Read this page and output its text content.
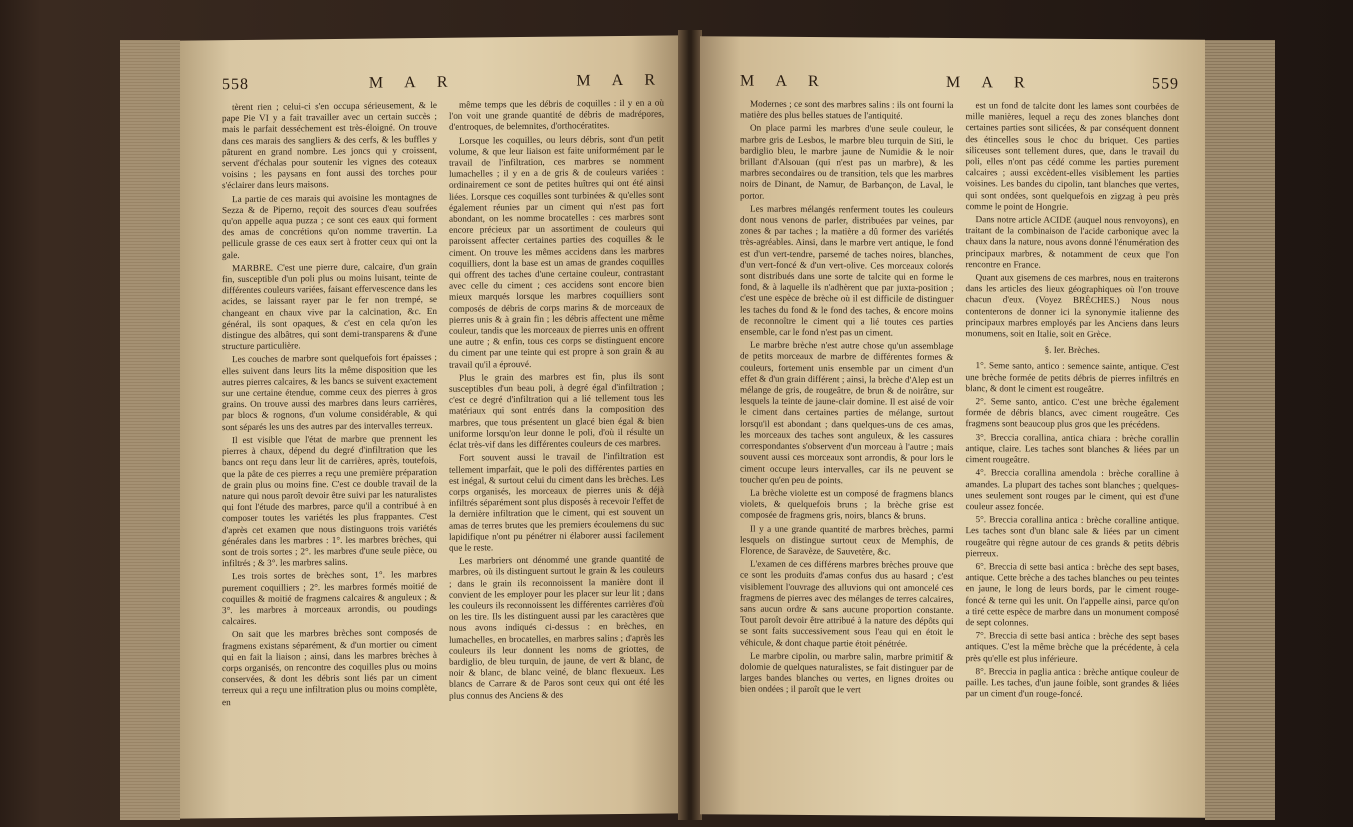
558	M A R	M A R

tèrent rien ; celui-ci s'en occupa sérieusement, & le pape Pie VI y a fait travailler avec un certain succès ; mais le parfait desséchement est très-éloigné. On trouve dans ces marais des sangliers & des cerfs, & les buffles y pâturent en grand nombre. Les joncs qui y croissent, servent d'échalas pour soutenir les vignes des coteaux voisins ; les paysans en font aussi des torches pour s'éclairer dans leurs maisons.

La partie de ces marais qui avoisine les montagnes de Sezza & de Piperno, reçoit des sources d'eau soufrées qu'on appelle aqua puzza ; ce sont ces eaux qui forment des amas de concrétions qu'on nomme travertin. La pellicule grasse de ces eaux sert à frotter ceux qui ont la gale.

MARBRE. C'est une pierre dure, calcaire, d'un grain fin, susceptible d'un poli plus ou moins luisant, teinte de différentes couleurs variées, faisant effervescence dans les acides, se laissant rayer par le fer non trempé, se changeant en chaux vive par la calcination, &c. En général, ils sont opaques, & c'est en cela qu'on les distingue des albâtres, qui sont demi-transparens & d'une structure particulière.

Les couches de marbre sont quelquefois fort épaisses ; elles suivent dans leurs lits la même disposition que les autres pierres calcaires, & les bancs se suivent exactement sur une certaine étendue, comme ceux des pierres à gros grains. On trouve aussi des marbres dans leurs carrières, par blocs & rognons, d'un volume considérable, & qui sont séparés les uns des autres par des intervalles terreux.

Il est visible que l'état de marbre que prennent les pierres à chaux, dépend du degré d'infiltration que les bancs ont reçu dans leur lit de carrières, après, toutefois, que la pâte de ces pierres a reçu une première préparation de grain plus ou moins fine. C'est ce double travail de la nature qui nous paroît devoir être suivi par les naturalistes qui font l'étude des marbres, parce qu'il a contribué à en composer toutes les variétés les plus frappantes. C'est d'après cet examen que nous distinguons trois variétés générales dans les marbres : 1°. les marbres brèches, qui sont de trois sortes ; 2°. les marbres d'une seule pièce, ou infiltrés ; & 3°. les marbres salins.

Les trois sortes de brèches sont, 1°. les marbres purement coquilliers ; 2°. les marbres formés moitié de coquilles & moitié de fragmens calcaires & anguleux ; & 3°. les marbres à morceaux arrondis, ou poudings calcaires.

On sait que les marbres brèches sont composés de fragmens existans séparément, & d'un mortier ou ciment qui en fait la liaison ; ainsi, dans les marbres brèches à corps organisés, on rencontre des coquilles plus ou moins conservées, & dont les débris sont liés par un ciment terreux qui a reçu une infiltration plus ou moins complète, en

même temps que les débris de coquilles : il y en a où l'on voit une grande quantité de débris de madrépores, d'entroques, de belemnites, d'orthocératites.

Lorsque les coquilles, ou leurs débris, sont d'un petit volume, & que leur liaison est faite uniformément par le travail de l'infiltration, ces marbres se nomment lumachelles ; il y en a de gris & de couleurs variées : ordinairement ce sont de petites huîtres qui ont été ainsi liées. Lorsque ces coquilles sont turbinées & qu'elles sont également réunies par un ciment qui n'est pas fort abondant, on les nomme brocatelles : ces marbres sont encore précieux par un assortiment de couleurs qui paroissent affecter certaines parties des coquilles & le ciment. On trouve les mêmes accidens dans les marbres coquilliers, dont la base est un amas de grandes coquilles qui offrent des taches d'une certaine couleur, contrastant avec celle du ciment ; ces accidens sont encore bien mieux marqués lorsque les marbres coquilliers sont composés de débris de corps marins & de morceaux de pierres unis & à grain fin ; les débris affectent une même couleur, tandis que les morceaux de pierres unis en offrent une autre ; & enfin, tous ces corps se distinguent encore du ciment par une teinte qui est propre à son grain & au travail qu'il a éprouvé.

Plus le grain des marbres est fin, plus ils sont susceptibles d'un beau poli, à degré égal d'infiltration ; c'est ce degré d'infiltration qui a lié tellement tous les matériaux qui sont entrés dans la composition des marbres, que tous présentent un glacé bien égal & bien uniforme lorsqu'on leur donne le poli, d'où il résulte un éclat très-vif dans les différentes couleurs de ces marbres.

Fort souvent aussi le travail de l'infiltration est tellement imparfait, que le poli des différentes parties en est inégal, & surtout celui du ciment dans les brèches. Les corps organisés, les morceaux de pierres unis & déjà infiltrés séparément sont plus disposés à recevoir l'effet de la dernière infiltration que le ciment, qui est souvent un amas de terres brutes que les premiers écoulemens du suc lapidifique n'ont pu pénétrer ni élaborer aussi facilement que le reste.

Les marbriers ont dénommé une grande quantité de marbres, où ils distinguent surtout le grain & les couleurs ; dans le grain ils reconnoissent la manière dont il convient de les employer pour les placer sur leur lit ; dans les couleurs ils reconnoissent les différentes carrières d'où on les tire. Ils les distinguent aussi par les caractères que nous avons indiqués ci-dessus : en brèches, en lumachelles, en brocatelles, en marbres salins ; d'après les couleurs ils leur donnent les noms de griottes, de bardiglio, de bleu turquin, de jaune, de vert & blanc, de noir & blanc, de blanc veiné, de blanc flexueux. Les blancs de Carrare & de Paros sont ceux qui ont été les plus connus des Anciens & des

M A R	M A R	559

Modernes ; ce sont des marbres salins : ils ont fourni la matière des plus belles statues de l'antiquité.

On place parmi les marbres d'une seule couleur, le marbre gris de Lesbos, le marbre bleu turquin de Siti, le bardiglio bleu, le marbre jaune de Numidie & le noir brillant d'Alsouan (qui n'est pas un marbre), & les marbres secondaires ou de transition, tels que les marbres noirs de Dinant, de Namur, de Barbançon, de Laval, le portor.

Les marbres mélangés renferment toutes les couleurs dont nous venons de parler, distribuées par veines, par zones & par taches ; la matière a dû former des variétés très-agréables. Ainsi, dans le marbre vert antique, le fond est d'un vert-tendre, parsemé de taches noires, blanches, d'un vert-foncé & d'un vert-olive. Ces morceaux colorés sont distribués dans une sorte de talcite qui en forme le fond, & à laquelle ils n'adhèrent que par juxta-position ; c'est une espèce de brèche où il est difficile de distinguer les taches du fond & le fond des taches, & encore moins de reconnoître le ciment qui a lié toutes ces parties ensemble, car le fond n'est pas un ciment.

Le marbre brèche n'est autre chose qu'un assemblage de petits morceaux de marbre de différentes formes & couleurs, fortement unis ensemble par un ciment d'un effet & d'un grain différent ; ainsi, la brèche d'Alep est un mélange de gris, de rougeâtre, de brun & de noirâtre, sur lesquels la teinte de jaune-clair domine. Il est aisé de voir le ciment dans certaines parties de mélange, surtout lorsqu'il est abondant ; dans quelques-uns de ces amas, les morceaux des taches sont anguleux, & les cassures correspondantes s'observent d'un morceau à l'autre ; mais souvent aussi ces morceaux sont arrondis, & pour lors le ciment occupe leurs intervalles, car ils ne peuvent se toucher qu'en peu de points.

La brèche violette est un composé de fragmens blancs violets, & quelquefois bruns ; la brèche grise est composée de fragmens gris, noirs, blancs & bruns.

Il y a une grande quantité de marbres brèches, parmi lesquels on distingue surtout ceux de Memphis, de Florence, de Saravèze, de Sauvetère, &c.

L'examen de ces différens marbres brèches prouve que ce sont les produits d'amas confus dus au hasard ; c'est visiblement l'ouvrage des alluvions qui ont amoncelé ces fragmens de pierres avec des mélanges de terres calcaires, sans aucun ordre & sans aucune proportion constante. Tout paroît devoir être attribué à la nature des dépôts qui se sont faits successivement sous l'eau qui en étoit le véhicule, & dont chaque partie étoit pénétrée.

Le marbre cipolin, ou marbre salin, marbre primitif & dolomie de quelques naturalistes, se fait distinguer par de larges bandes blanches ou vertes, en lignes droites ou bien ondées ; il paroît que le vert

est un fond de talcite dont les lames sont courbées de mille manières, lequel a reçu des zones blanches dont certaines parties sont silicées, & par conséquent donnent des étincelles sous le choc du briquet. Ces parties siliceuses sont tellement dures, que, dans le travail du poli, elles n'ont pas cédé comme les parties purement calcaires ; aussi excèdent-elles visiblement les parties voisines. Les bandes du cipolin, tant blanches que vertes, qui sont ondées, sont quelquefois en zigzag à peu près comme le point de Hongrie.

Dans notre article ACIDE (auquel nous renvoyons), en traitant de la combinaison de l'acide carbonique avec la chaux dans la nature, nous avons donné l'énumération des principaux marbres, & notamment de ceux que l'on rencontre en France.

Quant aux gisemens de ces marbres, nous en traiterons dans les articles des lieux géographiques où l'on trouve chacun d'eux. (Voyez BRÈCHES.) Nous nous contenterons de donner ici la synonymie italienne des principaux marbres employés par les Anciens dans leurs monumens, soit en Italie, soit en Grèce.

§. Ier. Brèches.

1°. Seme santo, antico : semence sainte, antique. C'est une brèche formée de petits débris de pierres infiltrés en blanc, & dont le ciment est rougeâtre.

2°. Seme santo, antico. C'est une brèche également formée de débris blancs, avec ciment rougeâtre. Ces fragmens sont beaucoup plus gros que les précédens.

3°. Breccia corallina, antica chiara : brèche corallin antique, claire. Les taches sont blanches & liées par un ciment rougeâtre.

4°. Breccia corallina amendola : brèche coralline à amandes. La plupart des taches sont blanches ; quelques-unes seulement sont rouges par le ciment, qui est d'une couleur assez foncée.

5°. Breccia corallina antica : brèche coralline antique. Les taches sont d'un blanc sale & liées par un ciment rougeâtre qui règne autour de ces grands & petits débris pierreux.

6°. Breccia di sette basi antica : brèche des sept bases, antique. Cette brèche a des taches blanches ou peu teintes en jaune, le long de leurs bords, par le ciment rouge-foncé & terne qui les unit. On l'appelle ainsi, parce qu'on a tiré cette espèce de marbre dans un monument composé de sept colonnes.

7°. Breccia di sette basi antica : brèche des sept bases antiques. C'est la même brèche que la précédente, à cela près qu'elle est plus inférieure.

8°. Breccia in paglia antica : brèche antique couleur de paille. Les taches, d'un jaune foible, sont grandes & liées par un ciment d'un rouge-foncé.
